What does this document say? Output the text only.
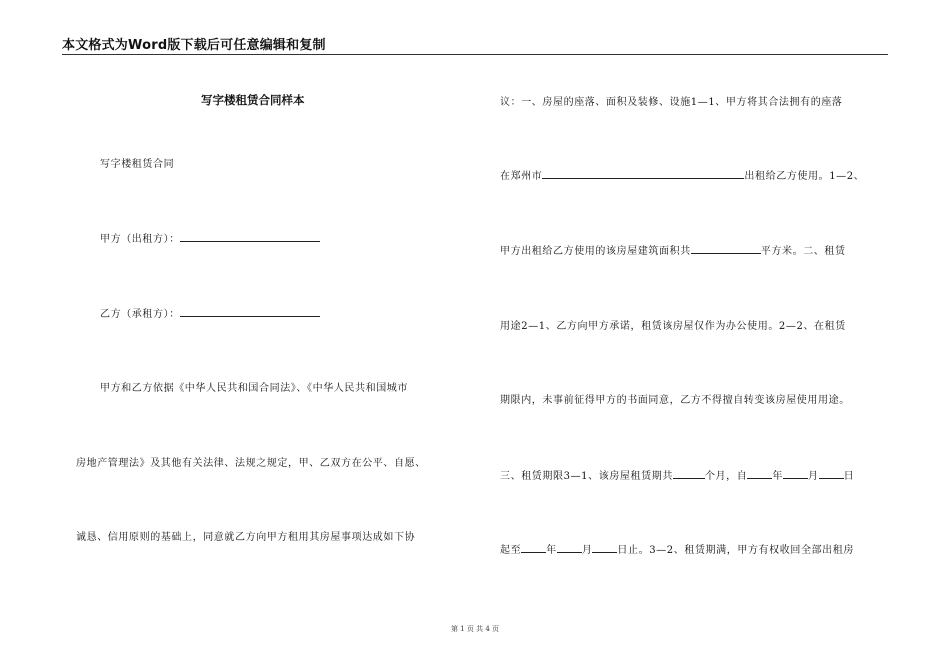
本文格式为Word版下载后可任意编辑和复制
写字楼租赁合同样本
写字楼租赁合同
甲方（出租方）：
乙方（承租方）：
甲方和乙方依据《中华人民共和国合同法》、《中华人民共和国城市
房地产管理法》及其他有关法律、法规之规定，甲、乙双方在公平、自愿、
诚恳、信用原则的基础上，同意就乙方向甲方租用其房屋事项达成如下协
议：一、房屋的座落、面积及装修、设施1—1、甲方将其合法拥有的座落
在郑州市	出租给乙方使用。1—2、
甲方出租给乙方使用的该房屋建筑面积共	平方米。二、租赁
用途2—1、乙方向甲方承诺，租赁该房屋仅作为办公使用。2—2、在租赁
期限内，未事前征得甲方的书面同意，乙方不得擅自转变该房屋使用用途。
三、租赁期限3—1、该房屋租赁期共	个月，自	年	月	日
起至	年	月	日止。3—2、租赁期满，甲方有权收回全部出租房
第 1 页 共 4 页
